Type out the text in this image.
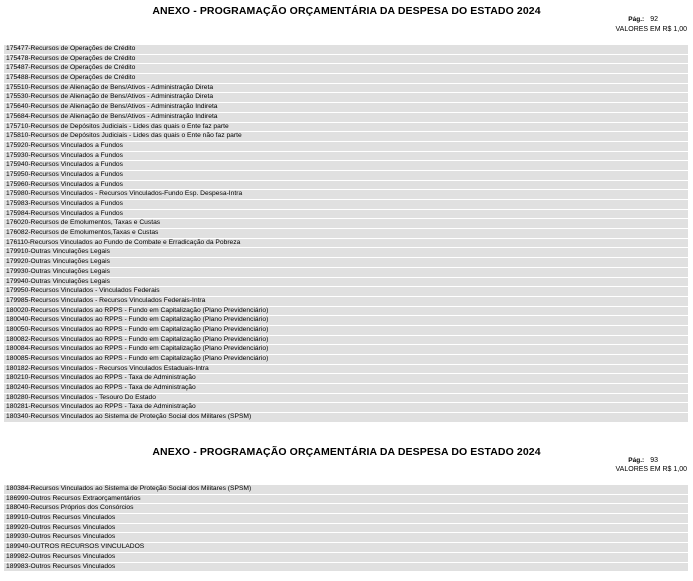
ANEXO - PROGRAMAÇÃO ORÇAMENTÁRIA DA DESPESA DO ESTADO 2024
Pág.: 92
VALORES EM R$ 1,00
175477-Recursos de Operações de Crédito
175478-Recursos de Operações de Crédito
175487-Recursos de Operações de Crédito
175488-Recursos de Operações de Crédito
175510-Recursos de Alienação de Bens/Ativos - Administração Direta
175530-Recursos de Alienação de Bens/Ativos - Administração Direta
175640-Recursos de Alienação de Bens/Ativos - Administração Indireta
175684-Recursos de Alienação de Bens/Ativos - Administração Indireta
175710-Recursos de Depósitos Judiciais - Lides das quais o Ente faz parte
175810-Recursos de Depósitos Judiciais - Lides das quais o Ente não faz parte
175920-Recursos Vinculados a Fundos
175930-Recursos Vinculados a Fundos
175940-Recursos Vinculados a Fundos
175950-Recursos Vinculados a Fundos
175960-Recursos Vinculados a Fundos
175980-Recursos Vinculados - Recursos Vinculados-Fundo Esp. Despesa-Intra
175983-Recursos Vinculados a Fundos
175984-Recursos Vinculados a Fundos
176020-Recursos de Emolumentos, Taxas e Custas
176082-Recursos de Emolumentos,Taxas e Custas
176110-Recursos Vinculados ao Fundo de Combate e Erradicação da Pobreza
179910-Outras Vinculações Legais
179920-Outras Vinculações Legais
179930-Outras Vinculações Legais
179940-Outras Vinculações Legais
179950-Recursos Vinculados - Vinculados Federais
179985-Recursos Vinculados - Recursos Vinculados Federais-Intra
180020-Recursos Vinculados ao RPPS - Fundo em Capitalização (Plano Previdenciário)
180040-Recursos Vinculados ao RPPS - Fundo em Capitalização (Plano Previdenciário)
180050-Recursos Vinculados ao RPPS - Fundo em Capitalização (Plano Previdenciário)
180082-Recursos Vinculados ao RPPS - Fundo em Capitalização (Plano Previdenciário)
180084-Recursos Vinculados ao RPPS - Fundo em Capitalização (Plano Previdenciário)
180085-Recursos Vinculados ao RPPS - Fundo em Capitalização (Plano Previdenciário)
180182-Recursos Vinculados - Recursos Vinculados Estaduais-Intra
180210-Recursos Vinculados ao RPPS - Taxa de Administração
180240-Recursos Vinculados ao RPPS - Taxa de Administração
180280-Recursos Vinculados - Tesouro Do Estado
180281-Recursos Vinculados ao RPPS - Taxa de Administração
180340-Recursos Vinculados ao Sistema de Proteção Social dos Militares (SPSM)
ANEXO - PROGRAMAÇÃO ORÇAMENTÁRIA DA DESPESA DO ESTADO 2024
Pág.: 93
VALORES EM R$ 1,00
180384-Recursos Vinculados ao Sistema de Proteção Social dos Militares (SPSM)
186990-Outros Recursos Extraorçamentários
188040-Recursos Próprios dos Consórcios
189910-Outros Recursos Vinculados
189920-Outros Recursos Vinculados
189930-Outros Recursos Vinculados
189940-OUTROS RECURSOS VINCULADOS
189982-Outros Recursos Vinculados
189983-Outros Recursos Vinculados
